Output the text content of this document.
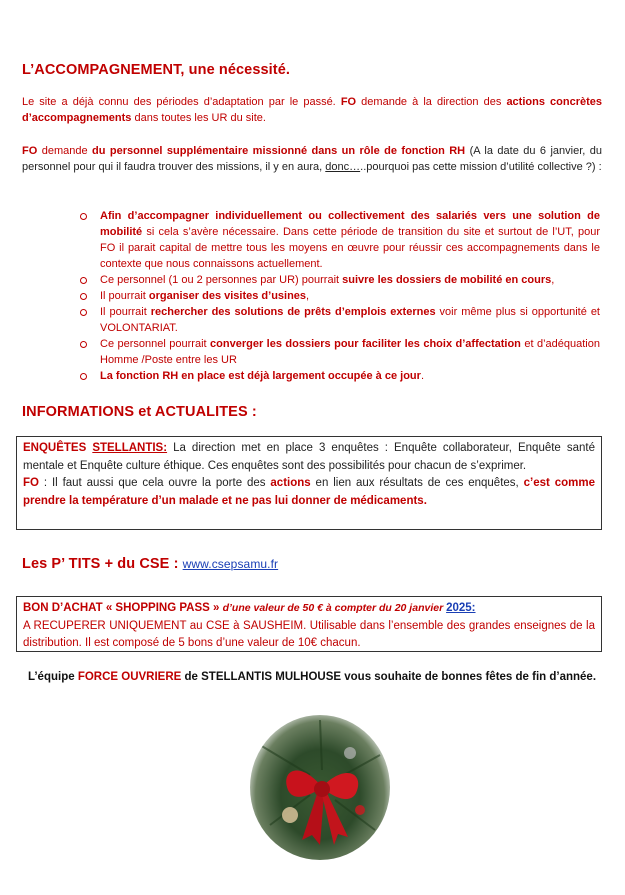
L’ACCOMPAGNEMENT, une nécessité.
Le site a déjà connu des périodes d’adaptation par le passé. FO demande à la direction des actions concrètes d’accompagnements dans toutes les UR du site.
FO demande du personnel supplémentaire missionné dans un rôle de fonction RH (A la date du 6 janvier, du personnel pour qui il faudra trouver des missions, il y en aura, donc…..pourquoi pas cette mission d’utilité collective ?) :
Afin d’accompagner individuellement ou collectivement des salariés vers une solution de mobilité si cela s’avère nécessaire. Dans cette période de transition du site et surtout de l’UT, pour FO il parait capital de mettre tous les moyens en œuvre pour réussir ces accompagnements dans le contexte que nous connaissons actuellement.
Ce personnel (1 ou 2 personnes par UR) pourrait suivre les dossiers de mobilité en cours,
Il pourrait organiser des visites d’usines,
Il pourrait rechercher des solutions de prêts d’emplois externes voir même plus si opportunité et VOLONTARIAT.
Ce personnel pourrait converger les dossiers pour faciliter les choix d’affectation et d’adéquation Homme /Poste entre les UR
La fonction RH en place est déjà largement occupée à ce jour.
INFORMATIONS et ACTUALITES :
ENQUÊTES STELLANTIS: La direction met en place 3 enquêtes : Enquête collaborateur, Enquête santé mentale et Enquête culture éthique. Ces enquêtes sont des possibilités pour chacun de s’exprimer.
FO : Il faut aussi que cela ouvre la porte des actions en lien aux résultats de ces enquêtes, c’est comme prendre la température d’un malade et ne pas lui donner de médicaments.
Les P’ TITS + du CSE : www.csepsamu.fr
BON D’ACHAT « SHOPPING PASS » d’une valeur de 50 € à compter du 20 janvier 2025:
A RECUPERER UNIQUEMENT au CSE à SAUSHEIM. Utilisable dans l’ensemble des grandes enseignes de la distribution. Il est composé de 5 bons d’une valeur de 10€ chacun.
L’équipe FORCE OUVRIERE de STELLANTIS MULHOUSE vous souhaite de bonnes fêtes de fin d’année.
